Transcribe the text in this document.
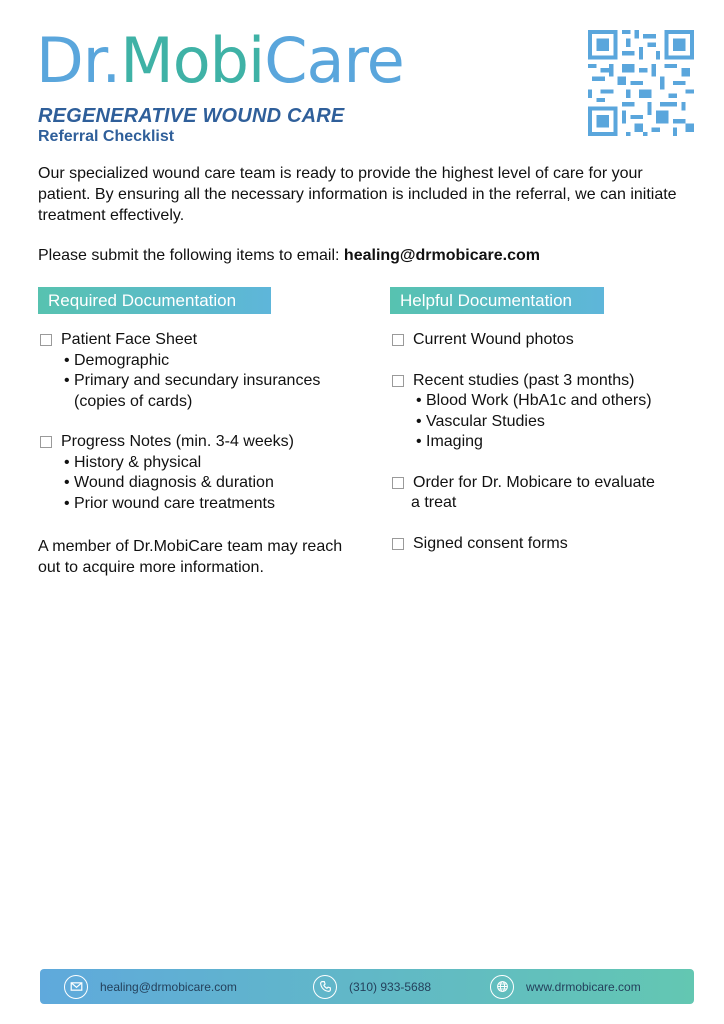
Dr.MobiCare
REGENERATIVE WOUND CARE
Referral Checklist
Our specialized wound care team is ready to provide the highest level of care for your patient. By ensuring all the necessary information is included in the referral, we can initiate treatment effectively.
Please submit the following items to email: healing@drmobicare.com
Required Documentation	Helpful Documentation
Patient Face Sheet
• Demographic
• Primary and secundary insurances
(copies of cards)
Progress Notes (min. 3-4 weeks)
• History & physical
• Wound diagnosis & duration
• Prior wound care treatments
A member of Dr.MobiCare team may reach out to acquire more information.
Current Wound photos
Recent studies (past 3 months)
• Blood Work (HbA1c and others)
• Vascular Studies
• Imaging
Order for Dr. Mobicare to evaluate
a treat
Signed consent forms
healing@drmobicare.com	(310) 933-5688	www.drmobicare.com
